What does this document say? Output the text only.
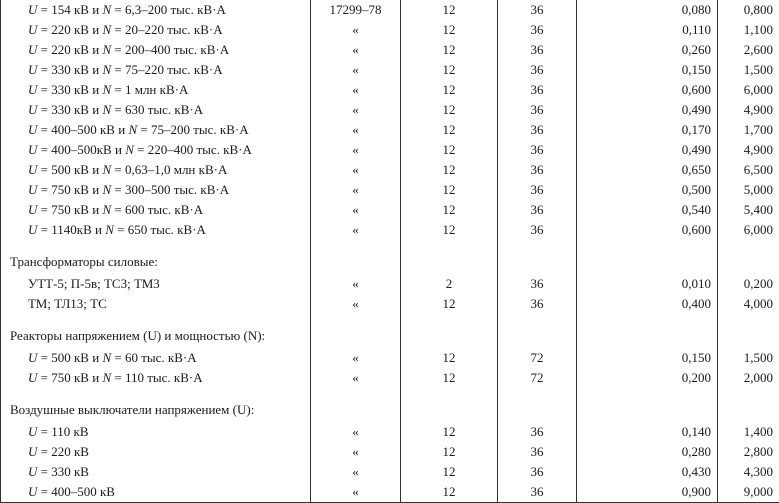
U = 154 кВ и N = 6,3–200 тыс. кВ·А	17299–78	12	36	0,080	0,800
U = 220 кВ и N = 20–220 тыс. кВ·А	«	12	36	0,110	1,100
U = 220 кВ и N = 200–400 тыс. кВ·А	«	12	36	0,260	2,600
U = 330 кВ и N = 75–220 тыс. кВ·А	«	12	36	0,150	1,500
U = 330 кВ и N = 1 млн кВ·А	«	12	36	0,600	6,000
U = 330 кВ и N = 630 тыс. кВ·А	«	12	36	0,490	4,900
U = 400–500 кВ и N = 75–200 тыс. кВ·А	«	12	36	0,170	1,700
U = 400–500кВ и N = 220–400 тыс. кВ·А	«	12	36	0,490	4,900
U = 500 кВ и N = 0,63–1,0 млн кВ·А	«	12	36	0,650	6,500
U = 750 кВ и N = 300–500 тыс. кВ·А	«	12	36	0,500	5,000
U = 750 кВ и N = 600 тыс. кВ·А	«	12	36	0,540	5,400
U = 1140кВ и N = 650 тыс. кВ·А	«	12	36	0,600	6,000

Трансформаторы силовые:					
УТТ-5; П-5в; ТС3; ТМ3	«	2	36	0,010	0,200
ТМ; ТЛ13; ТС	«	12	36	0,400	4,000

Реакторы напряжением (U) и мощностью (N):					
U = 500 кВ и N = 60 тыс. кВ·А	«	12	72	0,150	1,500
U = 750 кВ и N = 110 тыс. кВ·А	«	12	72	0,200	2,000

Воздушные выключатели напряжением (U):					
U = 110 кВ	«	12	36	0,140	1,400
U = 220 кВ	«	12	36	0,280	2,800
U = 330 кВ	«	12	36	0,430	4,300
U = 400–500 кВ	«	12	36	0,900	9,000
